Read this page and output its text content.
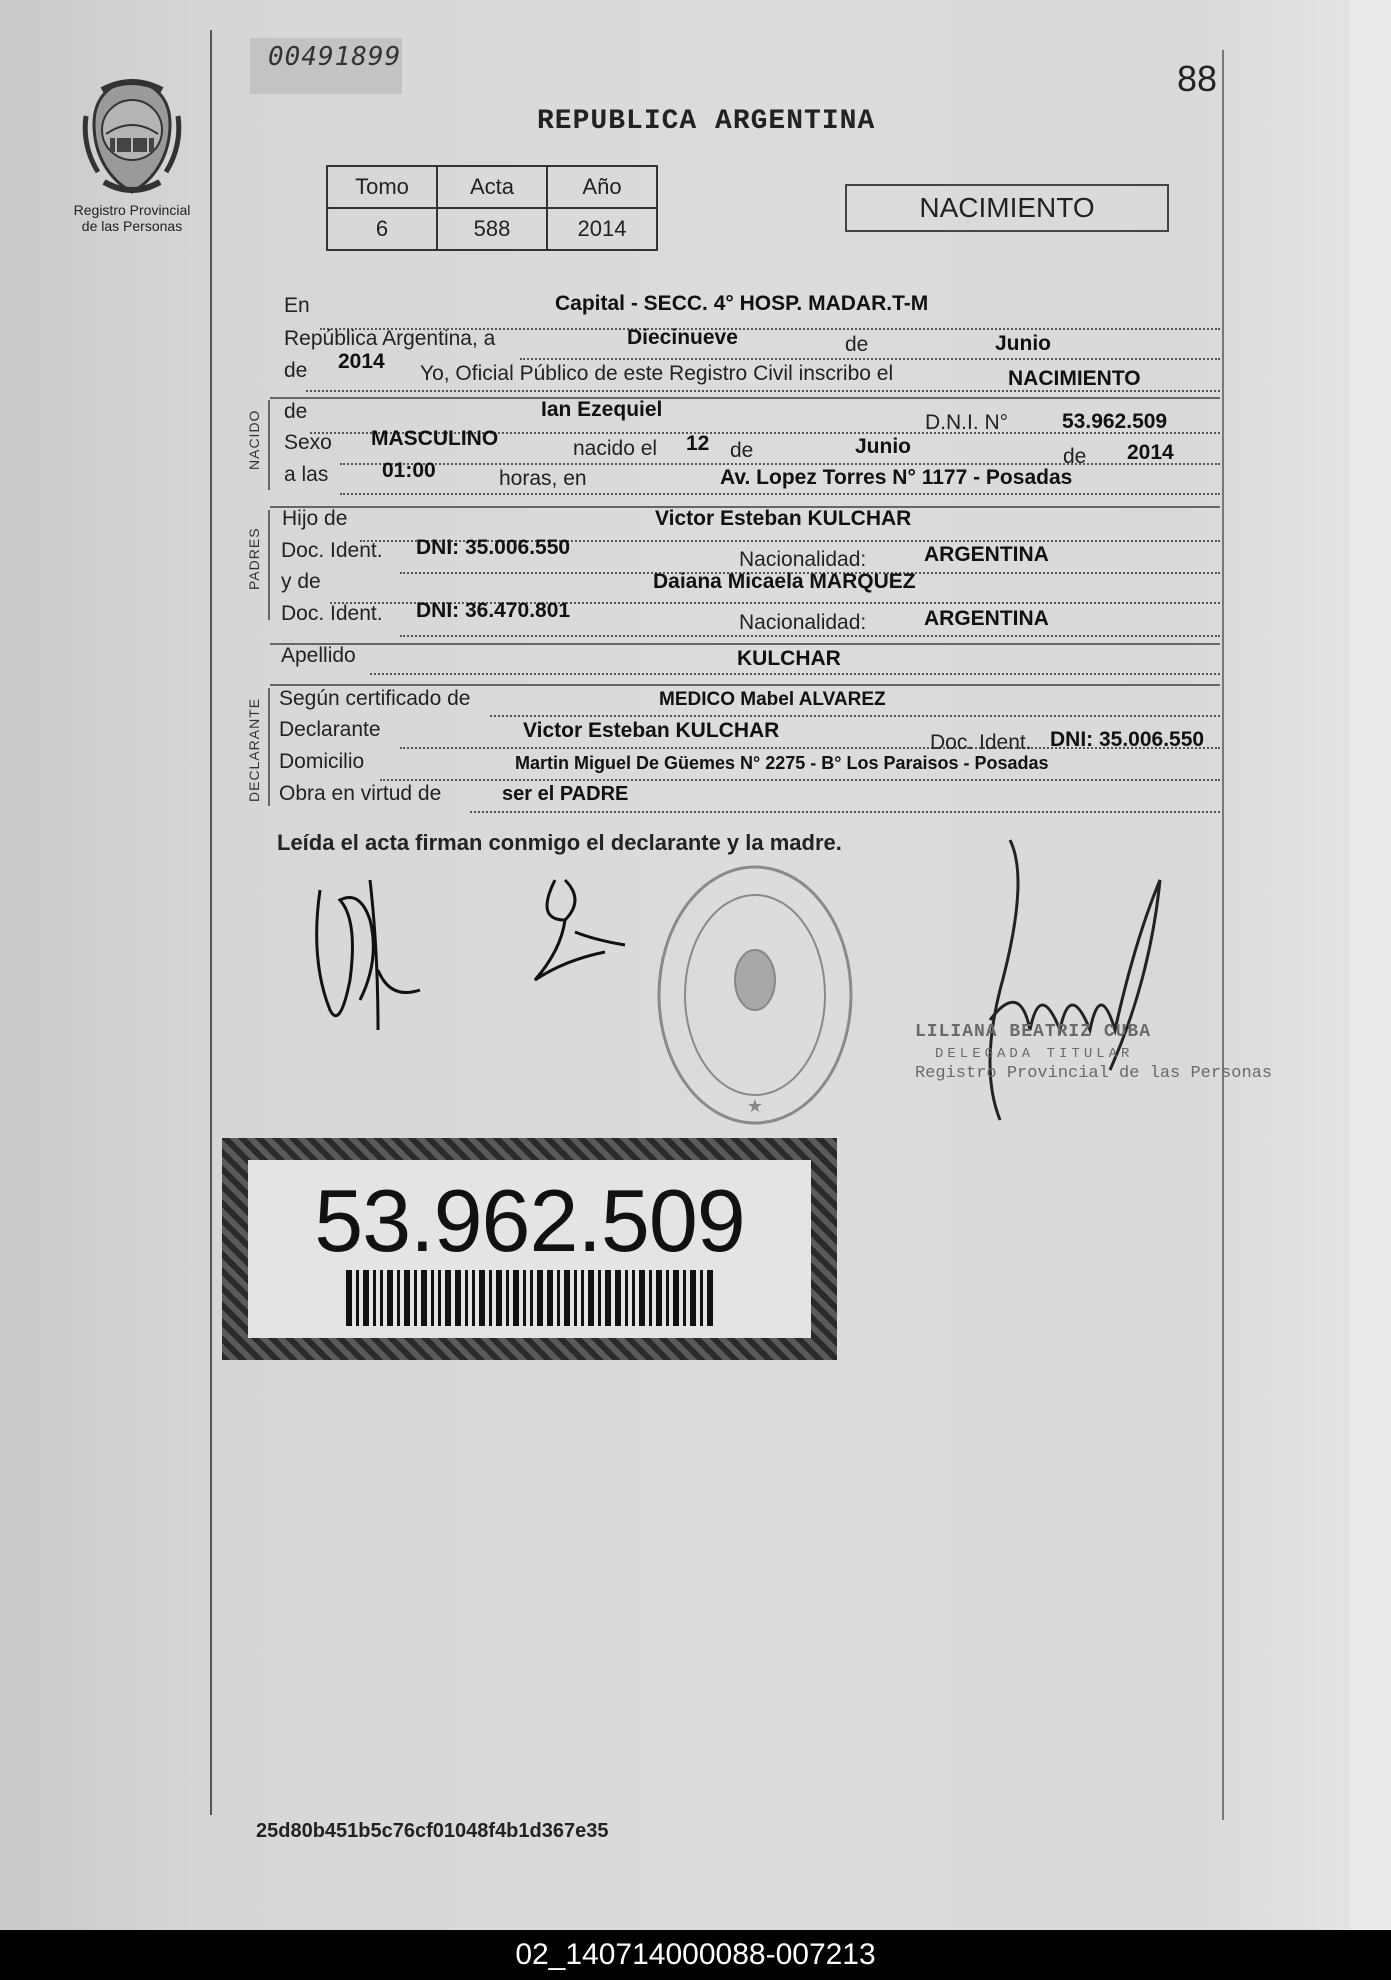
00491899
88
REPUBLICA ARGENTINA
Registro Provincial
de las Personas
Tomo	Acta	Año
6	588	2014
NACIMIENTO
En	Capital - SECC. 4° HOSP. MADAR.T-M
República Argentina, a	Diecinueve	de	Junio
de 2014
Yo, Oficial Público de este Registro Civil inscribo el	NACIMIENTO
NACIDO de	Ian Ezequiel
D.N.I. N°	53.962.509
Sexo MASCULINO	nacido el 12 de	Junio	de 2014
a las	01:00	horas, en	Av. Lopez Torres N° 1177 - Posadas
PADRES
Hijo de	Victor Esteban KULCHAR
Doc. Ident. DNI: 35.006.550
Nacionalidad:	ARGENTINA
y de	Daiana Micaela MARQUEZ
Doc. Ident. DNI: 36.470.801
Nacionalidad:	ARGENTINA
Apellido	KULCHAR
DECLARANTE Según certificado de	MEDICO Mabel ALVAREZ
Declarante	Victor Esteban KULCHAR
Doc. Ident. DNI: 35.006.550
Domicilio	Martin Miguel De Güemes N° 2275 - B° Los Paraisos - Posadas
Obra en virtud de	ser el PADRE
Leída el acta firman conmigo el declarante y la madre.
★
LILIANA BEATRIZ CUBA
DELEGADA TITULAR
Registro Provincial de las Personas
53.962.509
25d80b451b5c76cf01048f4b1d367e35
02_140714000088-007213
